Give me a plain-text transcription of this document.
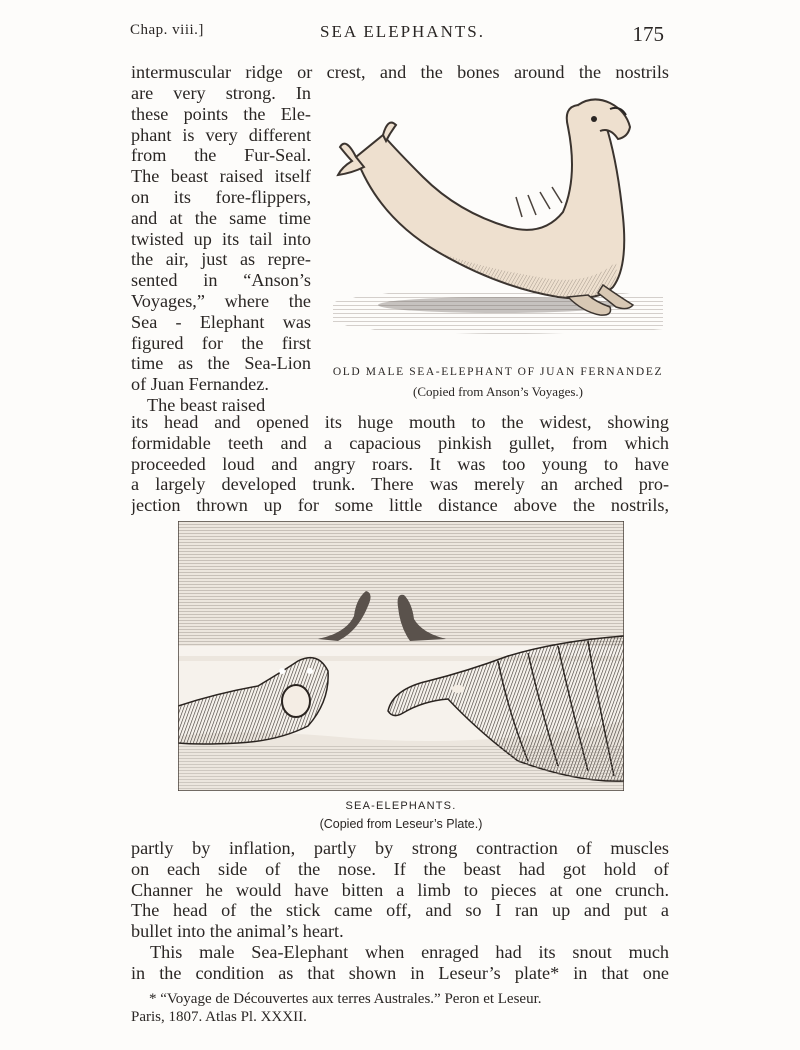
Chap. viii.]	SEA ELEPHANTS.	175
intermuscular ridge or crest, and the bones around the nostrils
are very strong. In
these points the Ele-
phant is very different
from the Fur-Seal.
The beast raised itself
on its fore-flippers,
and at the same time
twisted up its tail into
the air, just as repre-
sented in “Anson’s
Voyages,” where the
Sea - Elephant was
figured for the first
time as the Sea-Lion
of Juan Fernandez.
The beast raised
OLD MALE SEA-ELEPHANT OF JUAN FERNANDEZ
(Copied from Anson’s Voyages.)
its head and opened its huge mouth to the widest, showing
formidable teeth and a capacious pinkish gullet, from which
proceeded loud and angry roars. It was too young to have
a largely developed trunk. There was merely an arched pro-
jection thrown up for some little distance above the nostrils,
SEA-ELEPHANTS.
(Copied from Leseur’s Plate.)
partly by inflation, partly by strong contraction of muscles
on each side of the nose. If the beast had got hold of
Channer he would have bitten a limb to pieces at one crunch.
The head of the stick came off, and so I ran up and put a
bullet into the animal’s heart.
This male Sea-Elephant when enraged had its snout much
in the condition as that shown in Leseur’s plate* in that one
* “Voyage de Découvertes aux terres Australes.” Peron et Leseur.
Paris, 1807. Atlas Pl. XXXII.
